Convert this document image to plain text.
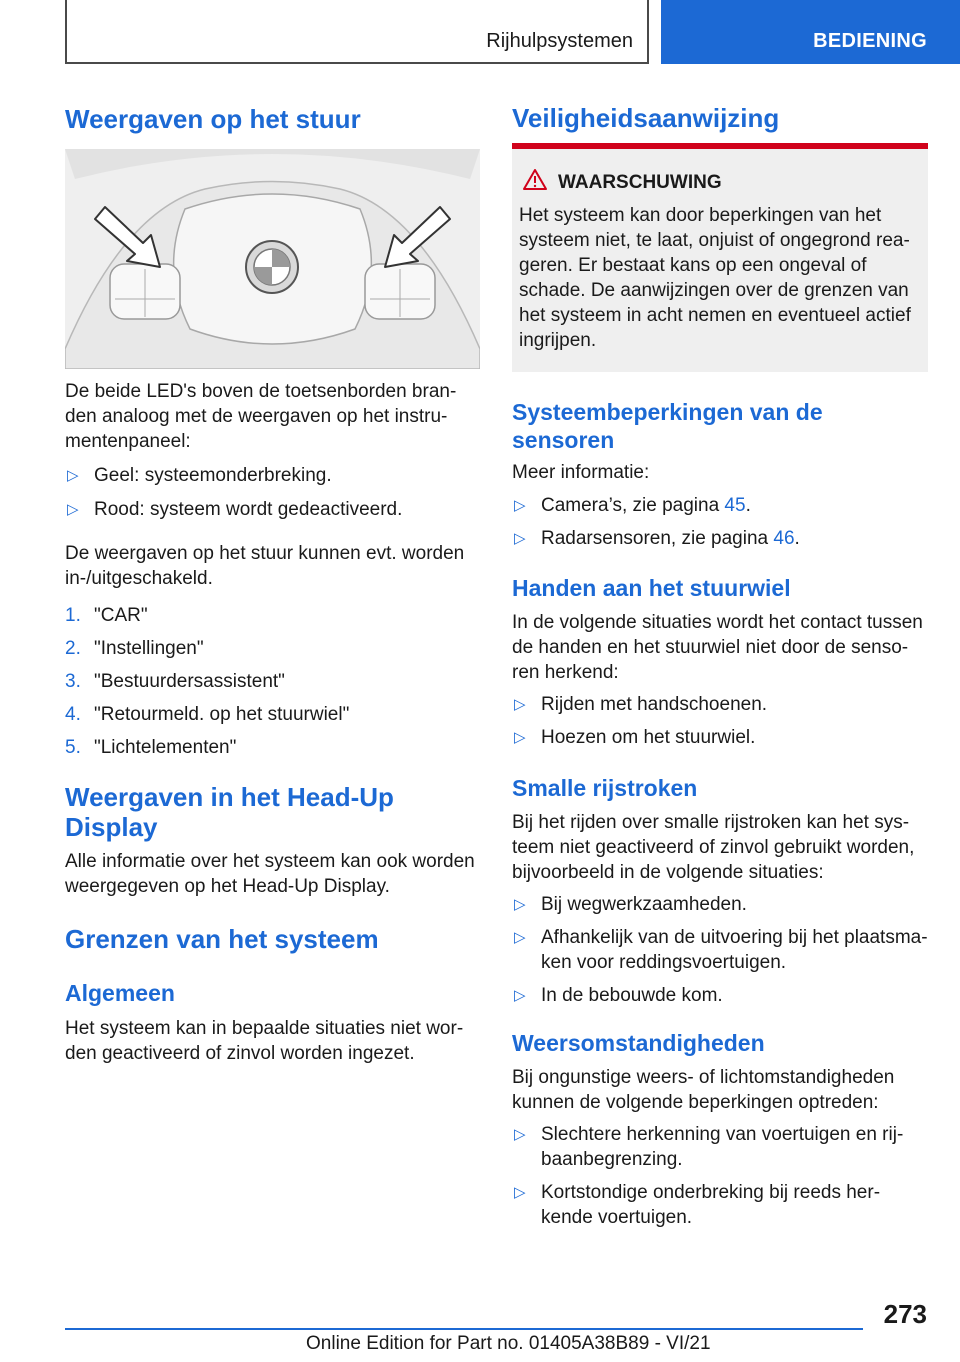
Rijhulpsystemen	BEDIENING
Weergaven op het stuur

De beide LED's boven de toetsenborden bran-
den analoog met de weergaven op het instru-
mentenpaneel:

▷ Geel: systeemonderbreking.
▷ Rood: systeem wordt gedeactiveerd.

De weergaven op het stuur kunnen evt. worden
in-/uitgeschakeld.

1. "CAR"
2. "Instellingen"
3. "Bestuurdersassistent"
4. "Retourmeld. op het stuurwiel"
5. "Lichtelementen"
Weergaven in het Head-Up
Display

Alle informatie over het systeem kan ook worden
weergegeven op het Head-Up Display.

Grenzen van het systeem
Algemeen

Het systeem kan in bepaalde situaties niet wor-
den geactiveerd of zinvol worden ingezet.

Veiligheidsaanwijzing
WAARSCHUWING

Het systeem kan door beperkingen van het
systeem niet, te laat, onjuist of ongegrond rea-
geren. Er bestaat kans op een ongeval of
schade. De aanwijzingen over de grenzen van
het systeem in acht nemen en eventueel actief
ingrijpen.

Systeembeperkingen van de
sensoren

Meer informatie:

▷ Camera’s, zie pagina 45.
▷ Radarsensoren, zie pagina 46.
Handen aan het stuurwiel

In de volgende situaties wordt het contact tussen
de handen en het stuurwiel niet door de senso-
ren herkend:

▷ Rijden met handschoenen.
▷ Hoezen om het stuurwiel.
Smalle rijstroken

Bij het rijden over smalle rijstroken kan het sys-
teem niet geactiveerd of zinvol gebruikt worden,
bijvoorbeeld in de volgende situaties:

▷ Bij wegwerkzaamheden.
▷ Afhankelijk van de uitvoering bij het plaatsma-
ken voor reddingsvoertuigen.
▷ In de bebouwde kom.
Weersomstandigheden

Bij ongunstige weers- of lichtomstandigheden
kunnen de volgende beperkingen optreden:

▷ Slechtere herkenning van voertuigen en rij-
baanbegrenzing.
▷ Kortstondige onderbreking bij reeds her-
kende voertuigen.
273
Online Edition for Part no. 01405A38B89 - VI/21
